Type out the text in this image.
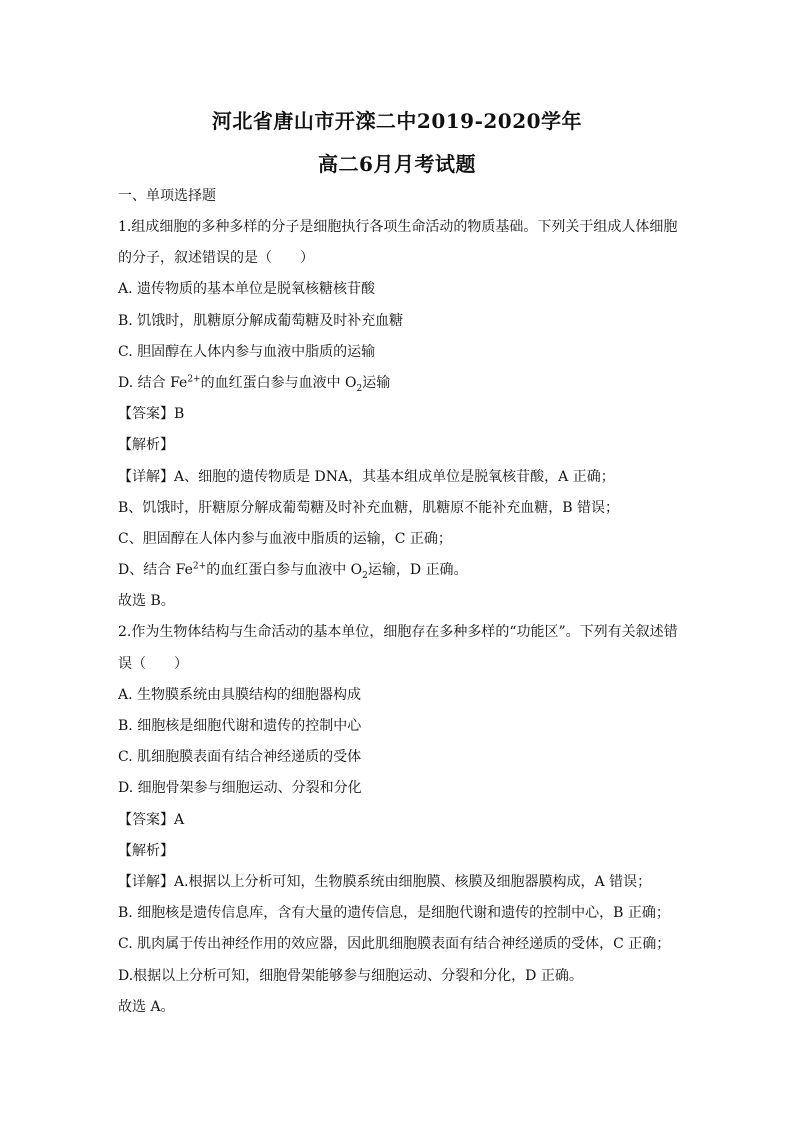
河北省唐山市开滦二中2019-2020学年
高二6月月考试题
一、单项选择题
1.组成细胞的多种多样的分子是细胞执行各项生命活动的物质基础。下列关于组成人体细胞
的分子，叙述错误的是（　　）
A. 遗传物质的基本单位是脱氧核糖核苷酸
B. 饥饿时，肌糖原分解成葡萄糖及时补充血糖
C. 胆固醇在人体内参与血液中脂质的运输
D. 结合 $Fe^{2+}$的血红蛋白参与血液中 $O_2$运输
【答案】B
【解析】
【详解】A、细胞的遗传物质是 DNA，其基本组成单位是脱氧核苷酸，A 正确；
B、饥饿时，肝糖原分解成葡萄糖及时补充血糖，肌糖原不能补充血糖，B 错误；
C、胆固醇在人体内参与血液中脂质的运输，C 正确；
D、结合 $Fe^{2+}$的血红蛋白参与血液中 $O_2$运输，D 正确。
故选 B。
2.作为生物体结构与生命活动的基本单位，细胞存在多种多样的“功能区”。下列有关叙述错
误（　　）
A. 生物膜系统由具膜结构的细胞器构成
B. 细胞核是细胞代谢和遗传的控制中心
C. 肌细胞膜表面有结合神经递质的受体
D. 细胞骨架参与细胞运动、分裂和分化
【答案】A
【解析】
【详解】A.根据以上分析可知，生物膜系统由细胞膜、核膜及细胞器膜构成，A 错误；
B. 细胞核是遗传信息库，含有大量的遗传信息，是细胞代谢和遗传的控制中心，B 正确；
C. 肌肉属于传出神经作用的效应器，因此肌细胞膜表面有结合神经递质的受体，C 正确；
D.根据以上分析可知，细胞骨架能够参与细胞运动、分裂和分化，D 正确。
故选 A。
